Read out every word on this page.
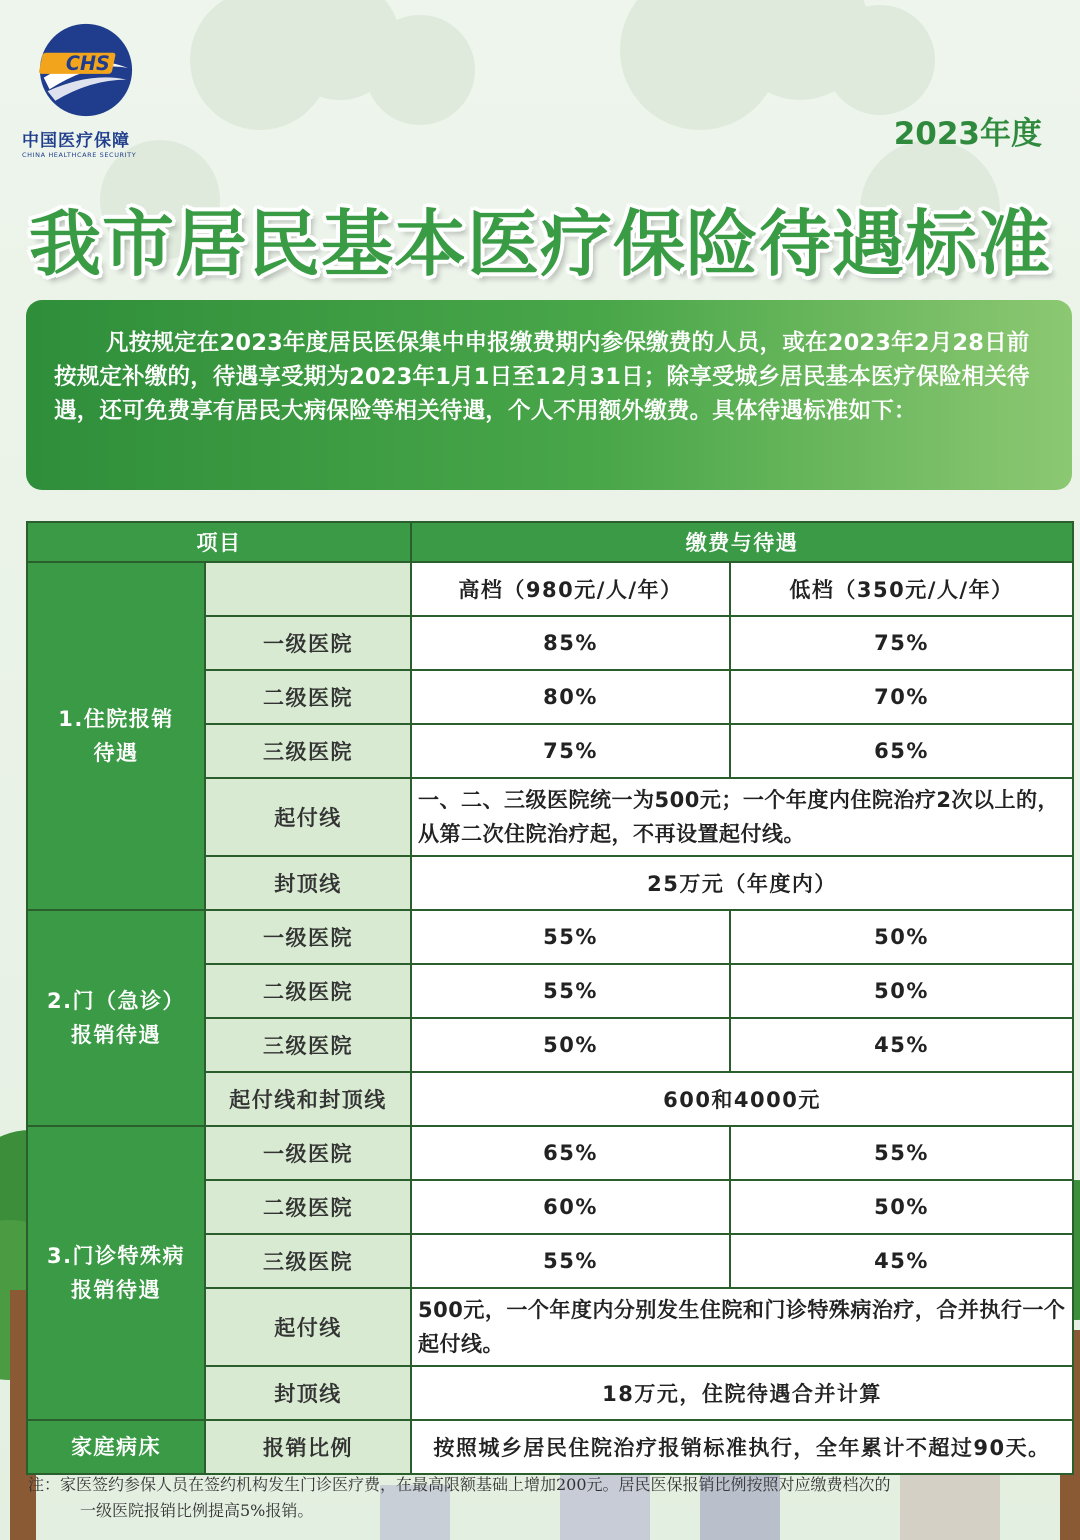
CHS
中国医疗保障
CHINA HEALTHCARE SECURITY
2023年度
我市居民基本医疗保险待遇标准
凡按规定在2023年度居民医保集中申报缴费期内参保缴费的人员，或在2023年2月28日前按规定补缴的，待遇享受期为2023年1月1日至12月31日；除享受城乡居民基本医疗保险相关待遇，还可免费享有居民大病保险等相关待遇，个人不用额外缴费。具体待遇标准如下：
项目		缴费与待遇	

1.住院报销待遇		高档（980元/人/年）	低档（350元/人/年）
	一级医院	85%	75%
	二级医院	80%	70%
	三级医院	75%	65%
	起付线	一、二、三级医院统一为500元；一个年度内住院治疗2次以上的，从第二次住院治疗起，不再设置起付线。	
	封顶线	25万元（年度内）	

2.门（急诊）报销待遇	一级医院	55%	50%
	二级医院	55%	50%
	三级医院	50%	45%
	起付线和封顶线	600和4000元	

3.门诊特殊病报销待遇	一级医院	65%	55%
	二级医院	60%	50%
	三级医院	55%	45%
	起付线	500元，一个年度内分别发生住院和门诊特殊病治疗，合并执行一个起付线。	
	封顶线	18万元，住院待遇合并计算	
家庭病床	报销比例	按照城乡居民住院治疗报销标准执行，全年累计不超过90天。	
注：家医签约参保人员在签约机构发生门诊医疗费，在最高限额基础上增加200元。居民医保报销比例按照对应缴费档次的
一级医院报销比例提高5%报销。
